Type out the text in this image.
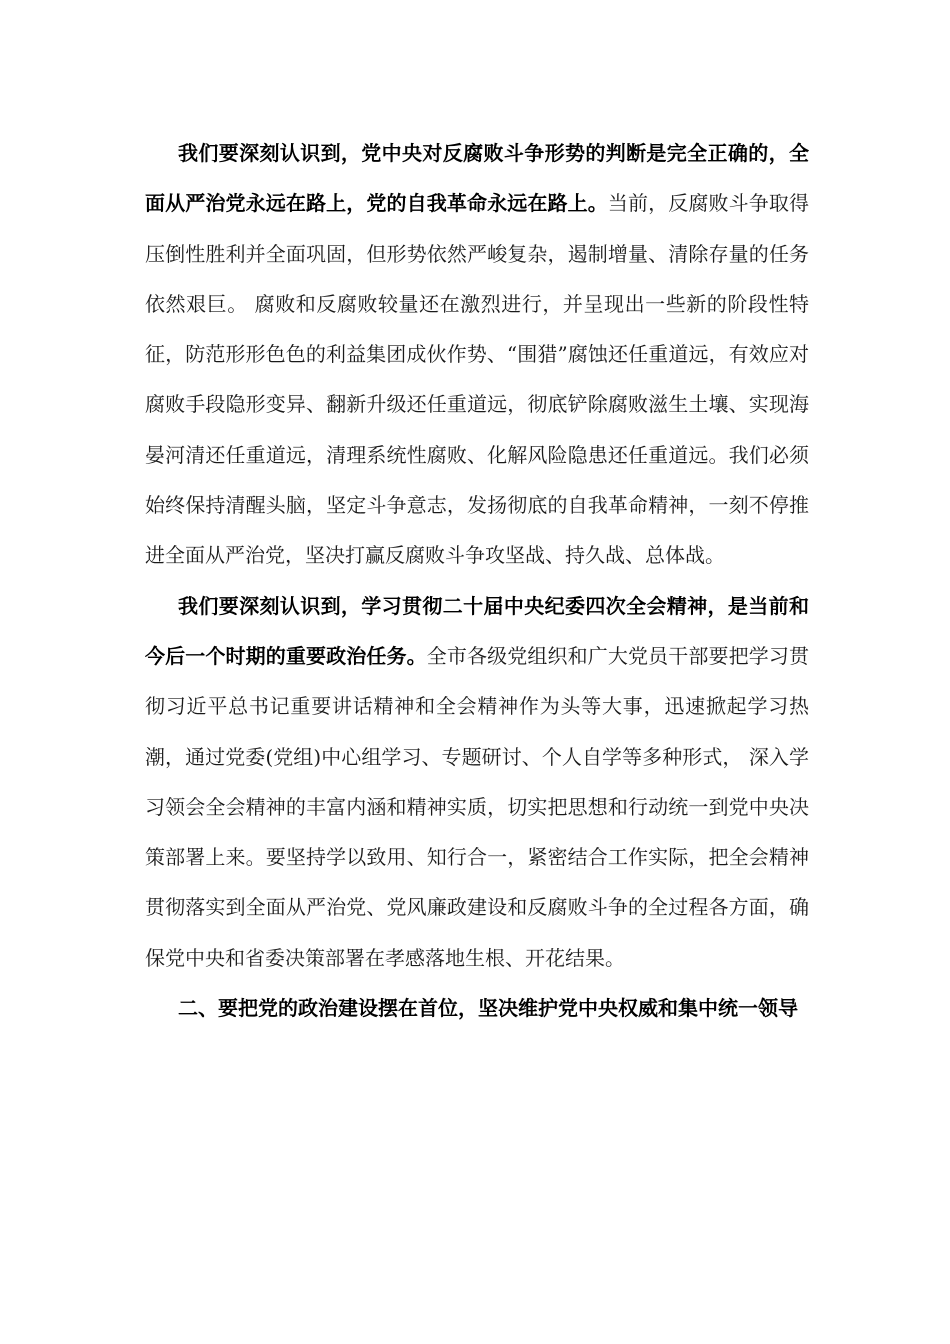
我们要深刻认识到，党中央对反腐败斗争形势的判断是完全正确的，全面从严治党永远在路上，党的自我革命永远在路上。当前，反腐败斗争取得压倒性胜利并全面巩固，但形势依然严峻复杂，遏制增量、清除存量的任务依然艰巨。 腐败和反腐败较量还在激烈进行，并呈现出一些新的阶段性特征，防范形形色色的利益集团成伙作势、“围猎”腐蚀还任重道远，有效应对腐败手段隐形变异、翻新升级还任重道远，彻底铲除腐败滋生土壤、实现海晏河清还任重道远，清理系统性腐败、化解风险隐患还任重道远。我们必须始终保持清醒头脑，坚定斗争意志，发扬彻底的自我革命精神，一刻不停推进全面从严治党，坚决打赢反腐败斗争攻坚战、持久战、总体战。

我们要深刻认识到，学习贯彻二十届中央纪委四次全会精神，是当前和今后一个时期的重要政治任务。全市各级党组织和广大党员干部要把学习贯彻习近平总书记重要讲话精神和全会精神作为头等大事，迅速掀起学习热潮，通过党委(党组)中心组学习、专题研讨、个人自学等多种形式， 深入学习领会全会精神的丰富内涵和精神实质，切实把思想和行动统一到党中央决策部署上来。要坚持学以致用、知行合一，紧密结合工作实际，把全会精神贯彻落实到全面从严治党、党风廉政建设和反腐败斗争的全过程各方面，确保党中央和省委决策部署在孝感落地生根、开花结果。

二、要把党的政治建设摆在首位，坚决维护党中央权威和集中统一领导
